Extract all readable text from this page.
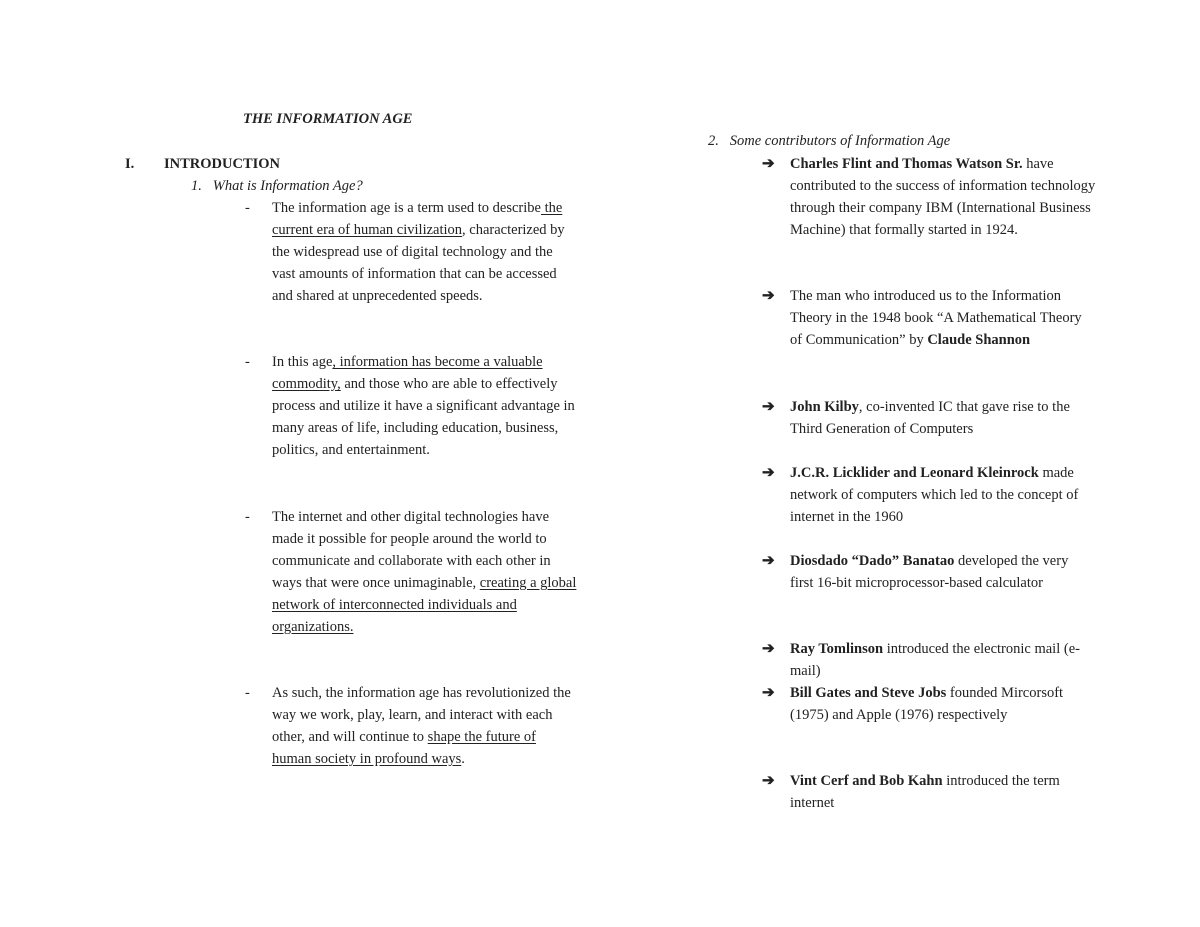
THE INFORMATION AGE
I. INTRODUCTION
1. What is Information Age?
- The information age is a term used to describe the current era of human civilization, characterized by the widespread use of digital technology and the vast amounts of information that can be accessed and shared at unprecedented speeds.
- In this age, information has become a valuable commodity, and those who are able to effectively process and utilize it have a significant advantage in many areas of life, including education, business, politics, and entertainment.
- The internet and other digital technologies have made it possible for people around the world to communicate and collaborate with each other in ways that were once unimaginable, creating a global network of interconnected individuals and organizations.
- As such, the information age has revolutionized the way we work, play, learn, and interact with each other, and will continue to shape the future of human society in profound ways.
2. Some contributors of Information Age
➔ Charles Flint and Thomas Watson Sr. have contributed to the success of information technology through their company IBM (International Business Machine) that formally started in 1924.
➔ The man who introduced us to the Information Theory in the 1948 book “A Mathematical Theory of Communication” by Claude Shannon
➔ John Kilby, co-invented IC that gave rise to the Third Generation of Computers
➔ J.C.R. Licklider and Leonard Kleinrock made network of computers which led to the concept of internet in the 1960
➔ Diosdado “Dado” Banatao developed the very first 16-bit microprocessor-based calculator
➔ Ray Tomlinson introduced the electronic mail (e-mail)
➔ Bill Gates and Steve Jobs founded Mircorsoft (1975) and Apple (1976) respectively
➔ Vint Cerf and Bob Kahn introduced the term internet
